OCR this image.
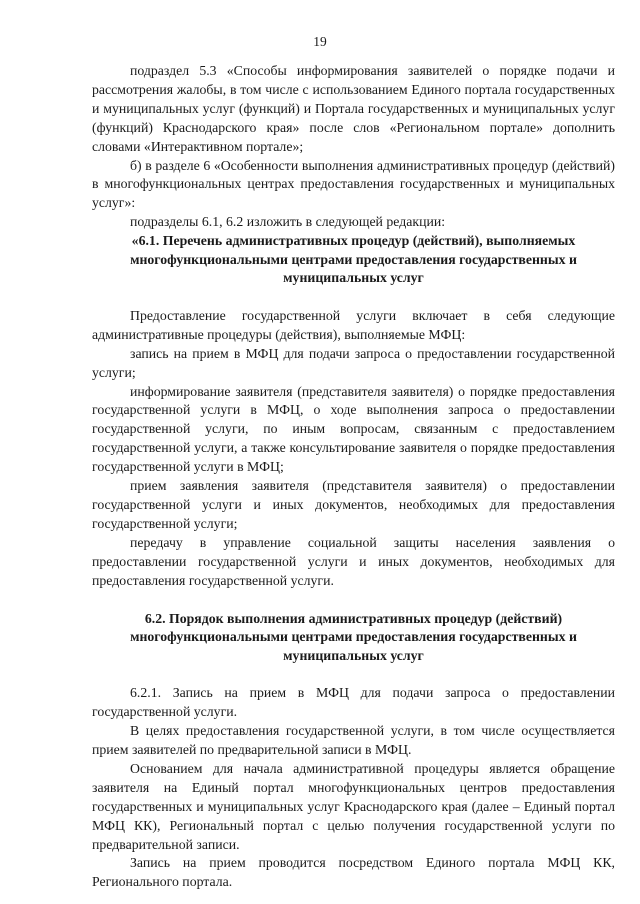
19

подраздел 5.3 «Способы информирования заявителей о порядке подачи и рассмотрения жалобы, в том числе с использованием Единого портала государственных и муниципальных услуг (функций) и Портала государственных и муниципальных услуг (функций) Краснодарского края» после слов «Региональном портале» дополнить словами «Интерактивном портале»;

б) в разделе 6 «Особенности выполнения административных процедур (действий) в многофункциональных центрах предоставления государственных и муниципальных услуг»:

подразделы 6.1, 6.2 изложить в следующей редакции:

«6.1. Перечень административных процедур (действий), выполняемых многофункциональными центрами предоставления государственных и муниципальных услуг

Предоставление государственной услуги включает в себя следующие административные процедуры (действия), выполняемые МФЦ:

запись на прием в МФЦ для подачи запроса о предоставлении государственной услуги;

информирование заявителя (представителя заявителя) о порядке предоставления государственной услуги в МФЦ, о ходе выполнения запроса о предоставлении государственной услуги, по иным вопросам, связанным с предоставлением государственной услуги, а также консультирование заявителя о порядке предоставления государственной услуги в МФЦ;

прием заявления заявителя (представителя заявителя) о предоставлении государственной услуги и иных документов, необходимых для предоставления государственной услуги;

передачу в управление социальной защиты населения заявления о предоставлении государственной услуги и иных документов, необходимых для предоставления государственной услуги.

6.2. Порядок выполнения административных процедур (действий) многофункциональными центрами предоставления государственных и муниципальных услуг

6.2.1. Запись на прием в МФЦ для подачи запроса о предоставлении государственной услуги.

В целях предоставления государственной услуги, в том числе осуществляется прием заявителей по предварительной записи в МФЦ.

Основанием для начала административной процедуры является обращение заявителя на Единый портал многофункциональных центров предоставления государственных и муниципальных услуг Краснодарского края (далее – Единый портал МФЦ КК), Региональный портал с целью получения государственной услуги по предварительной записи.

Запись на прием проводится посредством Единого портала МФЦ КК, Регионального портала.
